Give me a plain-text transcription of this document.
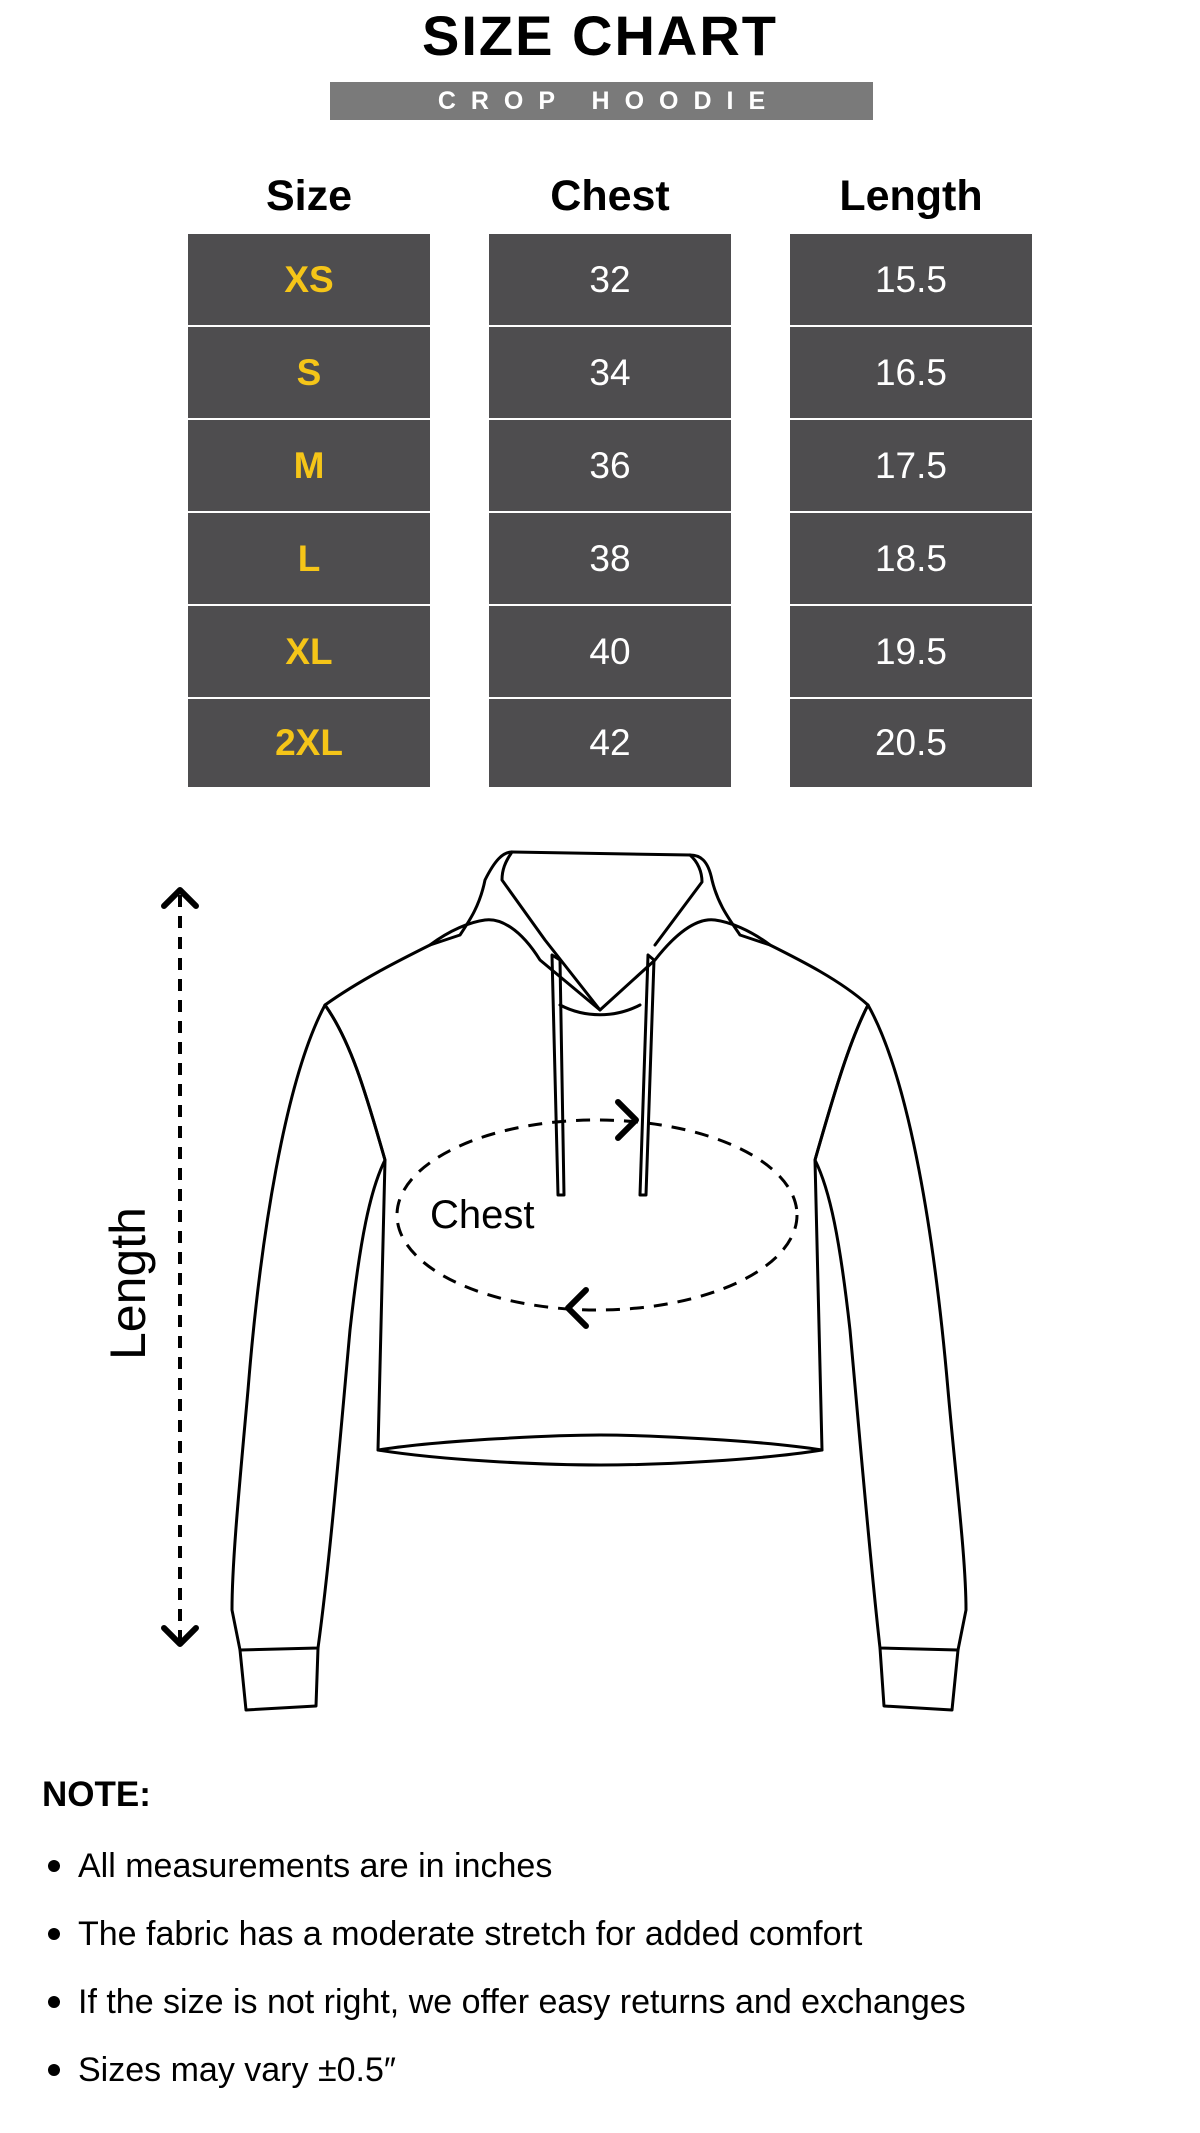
SIZE CHART
CROP HOODIE
Size	Chest	Length
XS
S
M
L
XL
2XL
32
34
36
38
40
42
15.5
16.5
17.5
18.5
19.5
20.5
Chest
Length
NOTE:
All measurements are in inches
The fabric has a moderate stretch for added comfort
If the size is not right, we offer easy returns and exchanges
Sizes may vary ±0.5″
